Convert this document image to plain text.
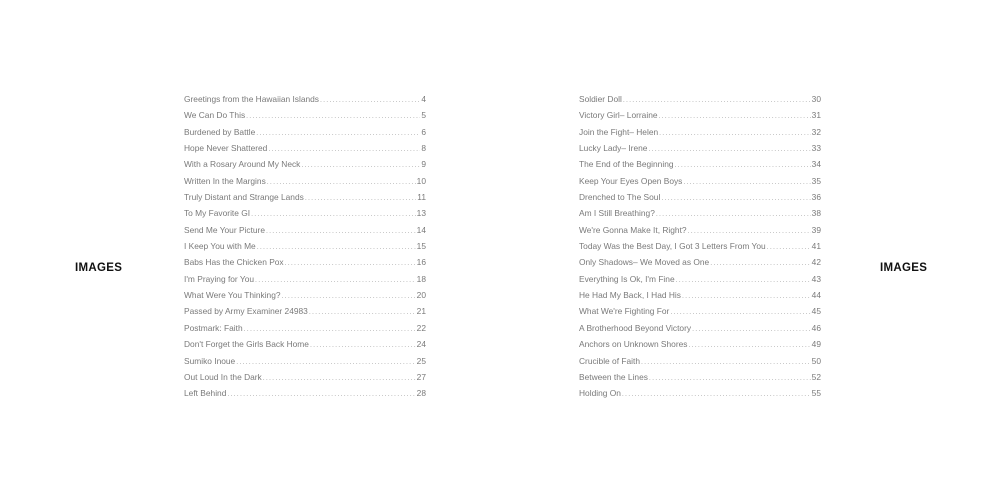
IMAGES
Greetings from the Hawaiian Islands .....	4
We Can Do This .....	5
Burdened by Battle .....	6
Hope Never Shattered .....	8
With a Rosary Around My Neck .....	9
Written In the Margins .....	10
Truly Distant and Strange Lands .....	11
To My Favorite GI .....	13
Send Me Your Picture .....	14
I Keep You with Me .....	15
Babs Has the Chicken Pox .....	16
I'm Praying for You .....	18
What Were You Thinking? .....	20
Passed by Army Examiner 24983 .....	21
Postmark: Faith .....	22
Don't Forget the Girls Back Home .....	24
Sumiko Inoue .....	25
Out Loud In the Dark .....	27
Left Behind .....	28
Soldier Doll .....	30
Victory Girl– Lorraine .....	31
Join the Fight– Helen .....	32
Lucky Lady– Irene .....	33
The End of the Beginning .....	34
Keep Your Eyes Open Boys .....	35
Drenched to The Soul .....	36
Am I Still Breathing? .....	38
We're Gonna Make It, Right? .....	39
Today Was the Best Day, I Got 3 Letters From You .....	41
Only Shadows– We Moved as One .....	42
Everything Is Ok, I'm Fine .....	43
He Had My Back, I Had His .....	44
What We're Fighting For .....	45
A Brotherhood Beyond Victory .....	46
Anchors on Unknown Shores .....	49
Crucible of Faith .....	50
Between the Lines .....	52
Holding On .....	55
IMAGES
